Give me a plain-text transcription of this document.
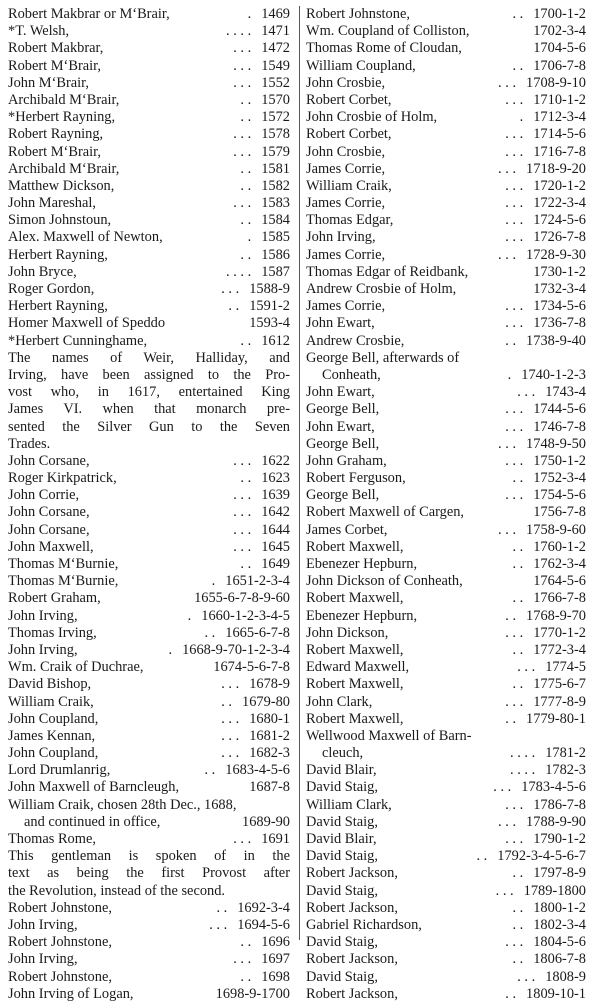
Robert Makbrar or M‘Brair,	. 1469
*T. Welsh,	. . . . 1471
Robert Makbrar,	. . . 1472
Robert M‘Brair,	. . . 1549
John M‘Brair,	. . . 1552
Archibald M‘Brair,	. . 1570
*Herbert Rayning,	. . 1572
Robert Rayning,	. . . 1578
Robert M‘Brair,	. . . 1579
Archibald M‘Brair,	. . 1581
Matthew Dickson,	. . 1582
John Mareshal,	. . . 1583
Simon Johnstoun,	. . 1584
Alex. Maxwell of Newton,	. 1585
Herbert Rayning,	. . 1586
John Bryce,	. . . . 1587
Roger Gordon,	. . . 1588-9
Herbert Rayning,	. . 1591-2
Homer Maxwell of Speddo	1593-4
*Herbert Cunninghame,	. . 1612
The names of Weir, Halliday, and
Irving, have been assigned to the Pro-
vost who, in 1617, entertained King
James VI. when that monarch pre-
sented the Silver Gun to the Seven
Trades.
John Corsane,	. . . 1622
Roger Kirkpatrick,	. . 1623
John Corrie,	. . . 1639
John Corsane,	. . . 1642
John Corsane,	. . . 1644
John Maxwell,	. . . 1645
Thomas M‘Burnie,	. . 1649
Thomas M‘Burnie,	. 1651-2-3-4
Robert Graham,	1655-6-7-8-9-60
John Irving,	. 1660-1-2-3-4-5
Thomas Irving,	. . 1665-6-7-8
John Irving,	. 1668-9-70-1-2-3-4
Wm. Craik of Duchrae,	1674-5-6-7-8
David Bishop,	. . . 1678-9
William Craik,	. . 1679-80
John Coupland,	. . . 1680-1
James Kennan,	. . . 1681-2
John Coupland,	. . . 1682-3
Lord Drumlanrig,	. . 1683-4-5-6
John Maxwell of Barncleugh,	1687-8
William Craik, chosen 28th Dec., 1688,
and continued in office,	1689-90
Thomas Rome,	. . . 1691
This gentleman is spoken of in the
text as being the first Provost after
the Revolution, instead of the second.
Robert Johnstone,	. . 1692-3-4
John Irving,	. . . 1694-5-6
Robert Johnstone,	. . 1696
John Irving,	. . . 1697
Robert Johnstone,	. . 1698
John Irving of Logan,	1698-9-1700
Robert Johnstone,	. . 1700-1-2
Wm. Coupland of Colliston,	1702-3-4
Thomas Rome of Cloudan,	1704-5-6
William Coupland,	. . 1706-7-8
John Crosbie,	. . . 1708-9-10
Robert Corbet,	. . . 1710-1-2
John Crosbie of Holm,	. 1712-3-4
Robert Corbet,	. . . 1714-5-6
John Crosbie,	. . . 1716-7-8
James Corrie,	. . . 1718-9-20
William Craik,	. . . 1720-1-2
James Corrie,	. . . 1722-3-4
Thomas Edgar,	. . . 1724-5-6
John Irving,	. . . 1726-7-8
James Corrie,	. . . 1728-9-30
Thomas Edgar of Reidbank,	1730-1-2
Andrew Crosbie of Holm,	1732-3-4
James Corrie,	. . . 1734-5-6
John Ewart,	. . . 1736-7-8
Andrew Crosbie,	. . 1738-9-40
George Bell, afterwards of
Conheath,	. 1740-1-2-3
John Ewart,	. . . 1743-4
George Bell,	. . . 1744-5-6
John Ewart,	. . . 1746-7-8
George Bell,	. . . 1748-9-50
John Graham,	. . . 1750-1-2
Robert Ferguson,	. . 1752-3-4
George Bell,	. . . 1754-5-6
Robert Maxwell of Cargen,	1756-7-8
James Corbet,	. . . 1758-9-60
Robert Maxwell,	. . 1760-1-2
Ebenezer Hepburn,	. . 1762-3-4
John Dickson of Conheath,	1764-5-6
Robert Maxwell,	. . 1766-7-8
Ebenezer Hepburn,	. . 1768-9-70
John Dickson,	. . . 1770-1-2
Robert Maxwell,	. . 1772-3-4
Edward Maxwell,	. . . 1774-5
Robert Maxwell,	. . 1775-6-7
John Clark,	. . . 1777-8-9
Robert Maxwell,	. . 1779-80-1
Wellwood Maxwell of Barn-
cleuch,	. . . . 1781-2
David Blair,	. . . . 1782-3
David Staig,	. . . 1783-4-5-6
William Clark,	. . . 1786-7-8
David Staig,	. . . 1788-9-90
David Blair,	. . . 1790-1-2
David Staig,	. . 1792-3-4-5-6-7
Robert Jackson,	. . 1797-8-9
David Staig,	. . . 1789-1800
Robert Jackson,	. . 1800-1-2
Gabriel Richardson,	. . 1802-3-4
David Staig,	. . . 1804-5-6
Robert Jackson,	. . 1806-7-8
David Staig,	. . . 1808-9
Robert Jackson,	. . 1809-10-1
